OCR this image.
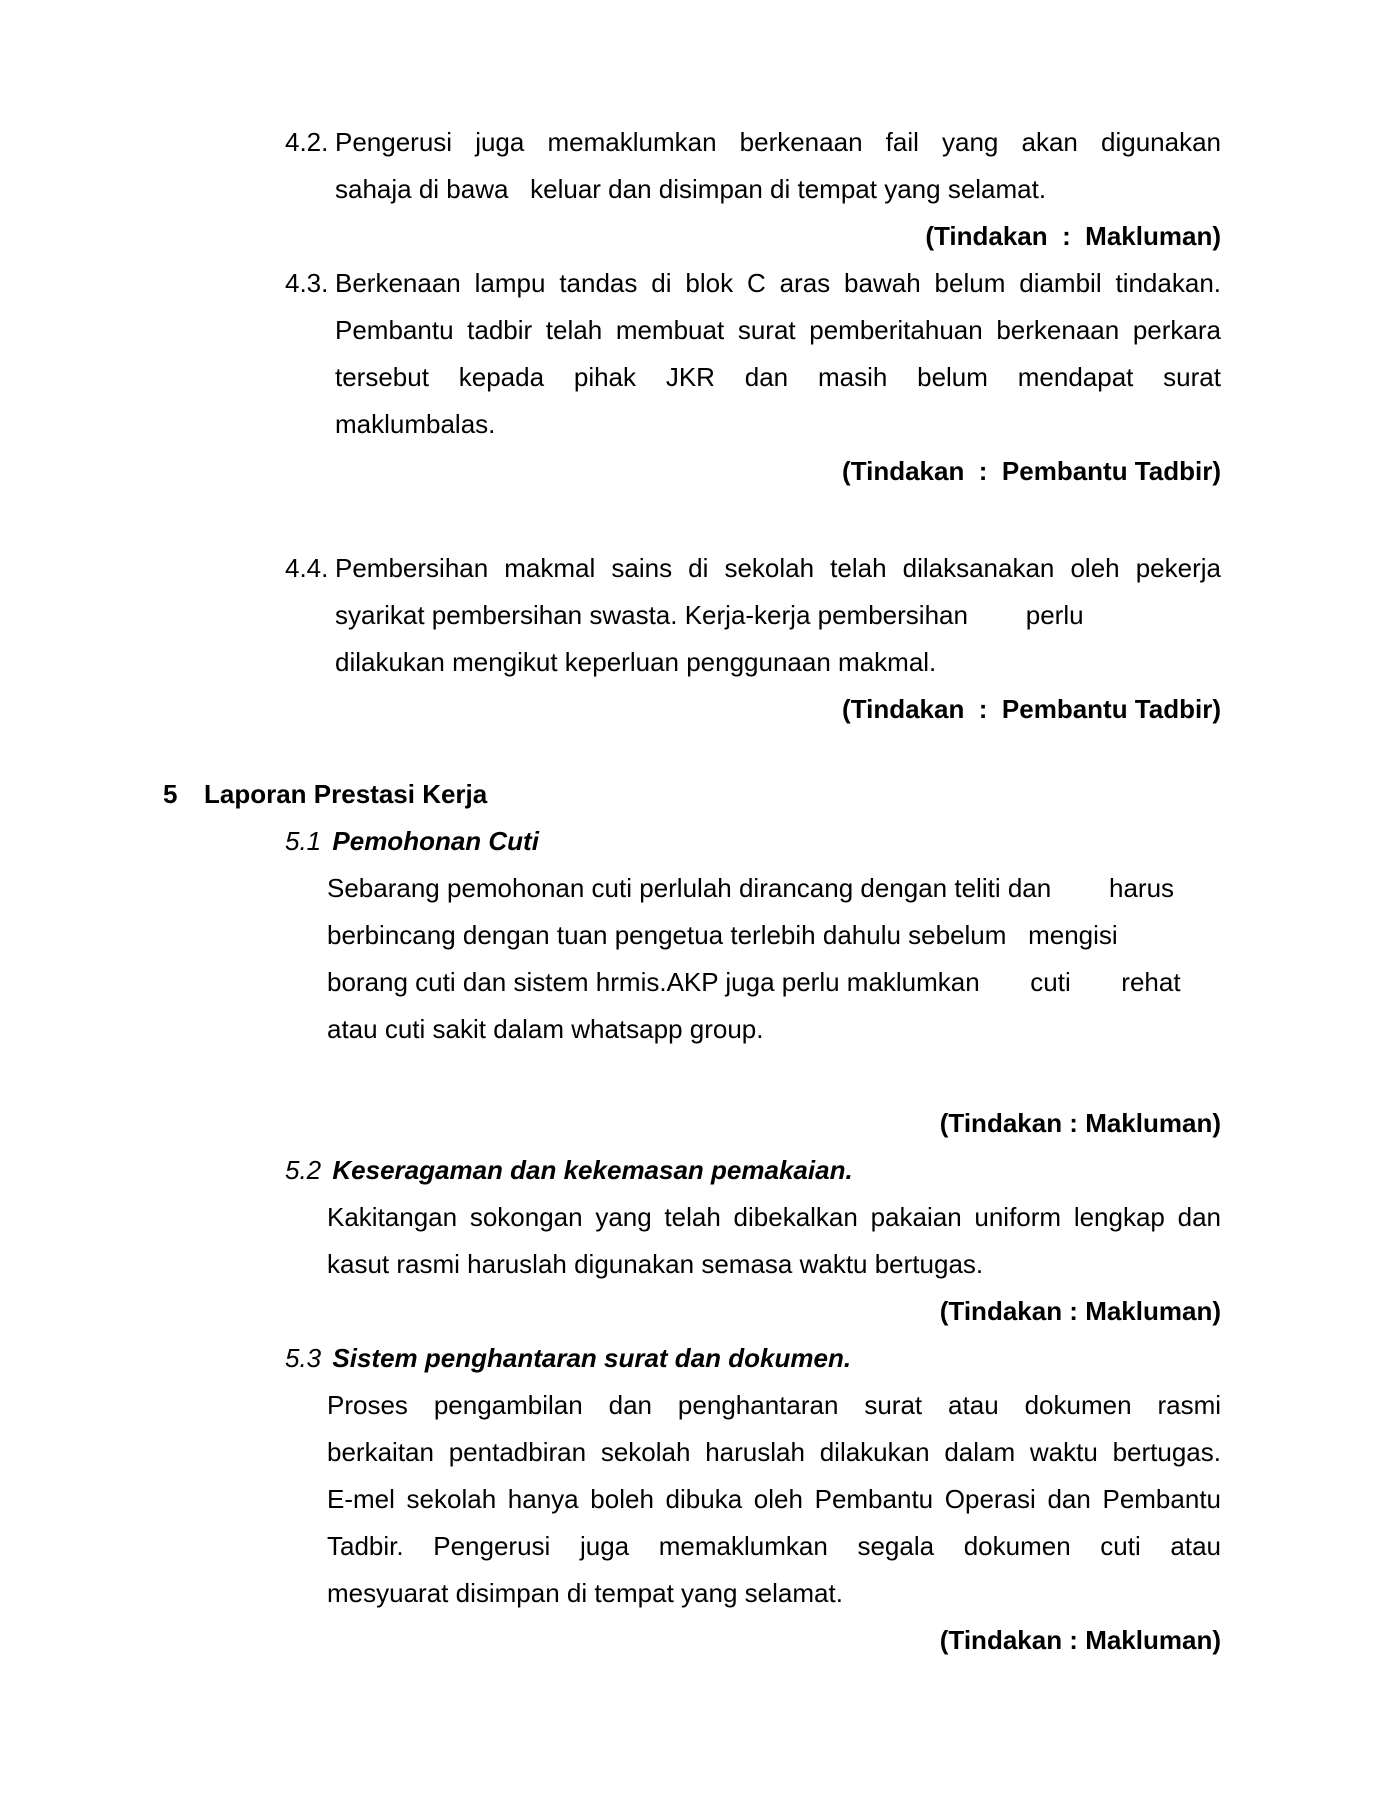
4.2. Pengerusi juga memaklumkan berkenaan fail yang akan digunakan
sahaja di bawa   keluar dan disimpan di tempat yang selamat.
(Tindakan  :  Makluman)
4.3. Berkenaan lampu tandas di blok C aras bawah belum diambil tindakan.
Pembantu tadbir telah membuat surat pemberitahuan berkenaan perkara
tersebut kepada pihak JKR dan masih belum mendapat surat
maklumbalas.
(Tindakan  :  Pembantu Tadbir)
4.4. Pembersihan makmal sains di sekolah telah dilaksanakan oleh pekerja
syarikat pembersihan swasta. Kerja-kerja pembersihan        perlu
dilakukan mengikut keperluan penggunaan makmal.
(Tindakan  :  Pembantu Tadbir)
5 Laporan Prestasi Kerja
5.1 Pemohonan Cuti
Sebarang pemohonan cuti perlulah dirancang dengan teliti dan        harus
berbincang dengan tuan pengetua terlebih dahulu sebelum   mengisi
borang cuti dan sistem hrmis.AKP juga perlu maklumkan       cuti       rehat
atau cuti sakit dalam whatsapp group.
(Tindakan : Makluman)
5.2 Keseragaman dan kekemasan pemakaian.
Kakitangan sokongan yang telah dibekalkan pakaian uniform lengkap dan
kasut rasmi haruslah digunakan semasa waktu bertugas.
(Tindakan : Makluman)
5.3 Sistem penghantaran surat dan dokumen.
Proses pengambilan dan penghantaran surat atau dokumen rasmi
berkaitan pentadbiran sekolah haruslah dilakukan dalam waktu bertugas.
E-mel sekolah hanya boleh dibuka oleh Pembantu Operasi dan Pembantu
Tadbir. Pengerusi juga memaklumkan segala dokumen cuti atau
mesyuarat disimpan di tempat yang selamat.
(Tindakan : Makluman)
